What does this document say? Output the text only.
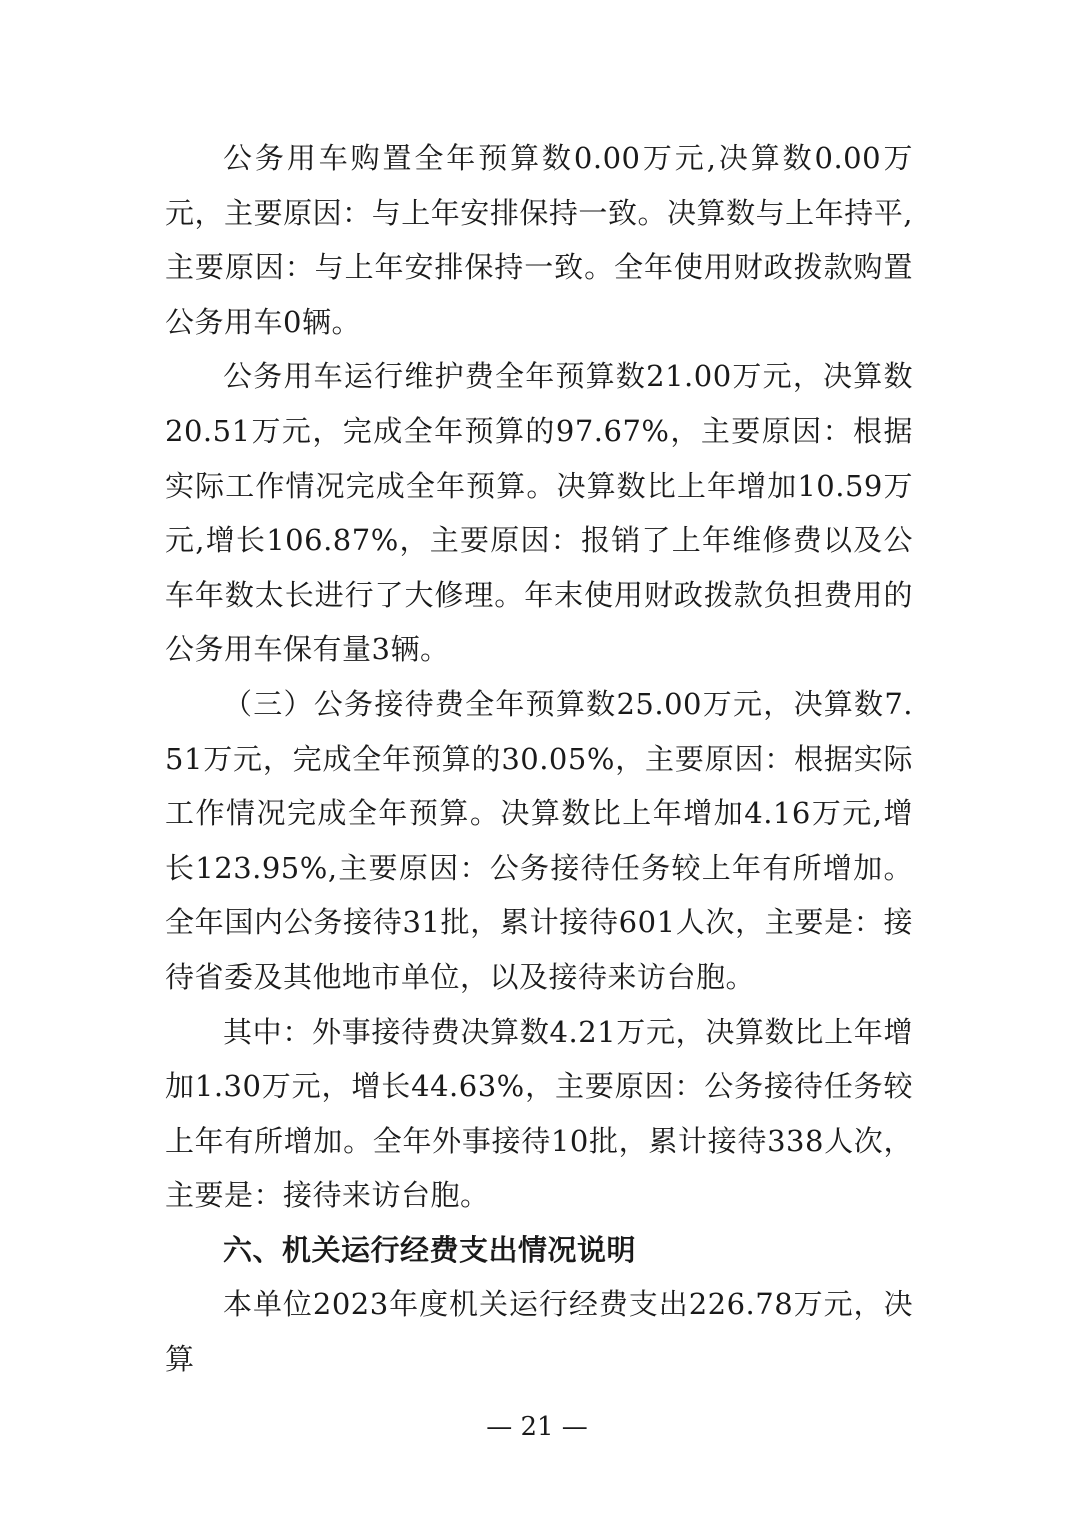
公务用车购置全年预算数0.00万元,决算数0.00万元，主要原因：与上年安排保持一致。决算数与上年持平,主要原因：与上年安排保持一致。全年使用财政拨款购置公务用车0辆。

公务用车运行维护费全年预算数21.00万元，决算数20.51万元，完成全年预算的97.67%，主要原因：根据实际工作情况完成全年预算。决算数比上年增加10.59万元,增长106.87%，主要原因：报销了上年维修费以及公车年数太长进行了大修理。年末使用财政拨款负担费用的公务用车保有量3辆。

（三）公务接待费全年预算数25.00万元，决算数7.51万元，完成全年预算的30.05%，主要原因：根据实际工作情况完成全年预算。决算数比上年增加4.16万元,增长123.95%,主要原因：公务接待任务较上年有所增加。全年国内公务接待31批，累计接待601人次，主要是：接待省委及其他地市单位，以及接待来访台胞。

其中：外事接待费决算数4.21万元，决算数比上年增加1.30万元，增长44.63%，主要原因：公务接待任务较上年有所增加。全年外事接待10批，累计接待338人次，主要是：接待来访台胞。

六、机关运行经费支出情况说明

本单位2023年度机关运行经费支出226.78万元，决算

— 21 —
